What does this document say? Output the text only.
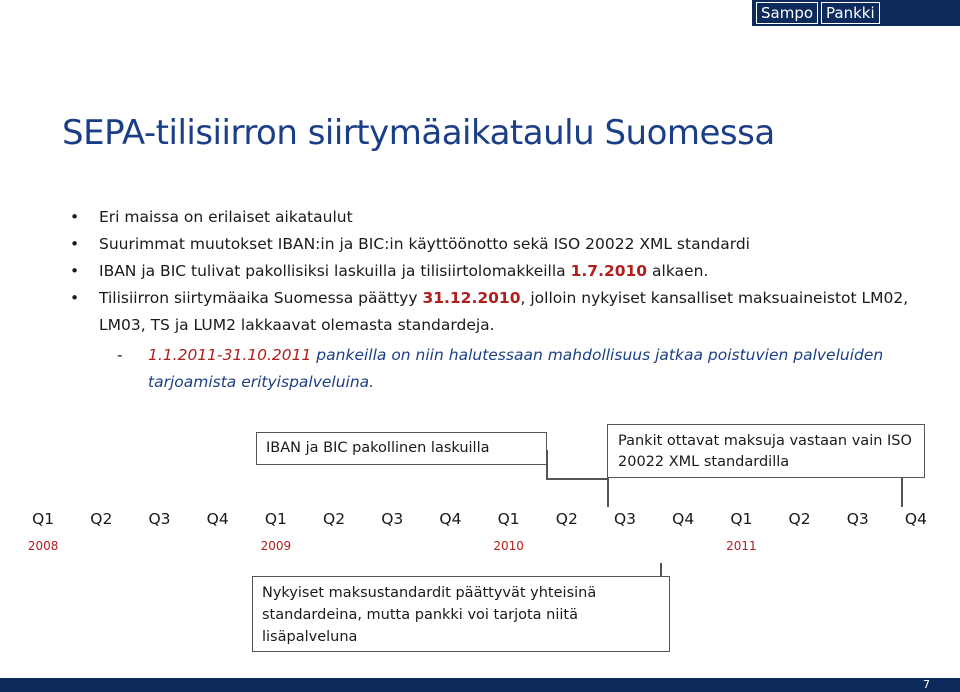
Sampo Pankki
SEPA-tilisiirron siirtymäaikataulu Suomessa
• Eri maissa on erilaiset aikataulut
• Suurimmat muutokset IBAN:in ja BIC:in käyttöönotto sekä ISO 20022 XML standardi
• IBAN ja BIC tulivat pakollisiksi laskuilla ja tilisiirtolomakkeilla 1.7.2010 alkaen.
• Tilisiirron siirtymäaika Suomessa päättyy 31.12.2010, jolloin nykyiset kansalliset maksuaineistot LM02, LM03, TS ja LUM2 lakkaavat olemasta standardeja.
- 1.1.2011-31.10.2011 pankeilla on niin halutessaan mahdollisuus jatkaa poistuvien palveluiden tarjoamista erityispalveluina.
IBAN ja BIC pakollinen laskuilla	Pankit ottavat maksuja vastaan vain ISO 20022 XML standardilla
Nykyiset maksustandardit päättyvät yhteisinä standardeina, mutta pankki voi tarjota niitä lisäpalveluna
Q1
2008
Q2	Q3	Q4	Q1
2009
Q2	Q3	Q4	Q1
2010
Q2	Q3	Q4	Q1
2011
Q2	Q3	Q4
7
